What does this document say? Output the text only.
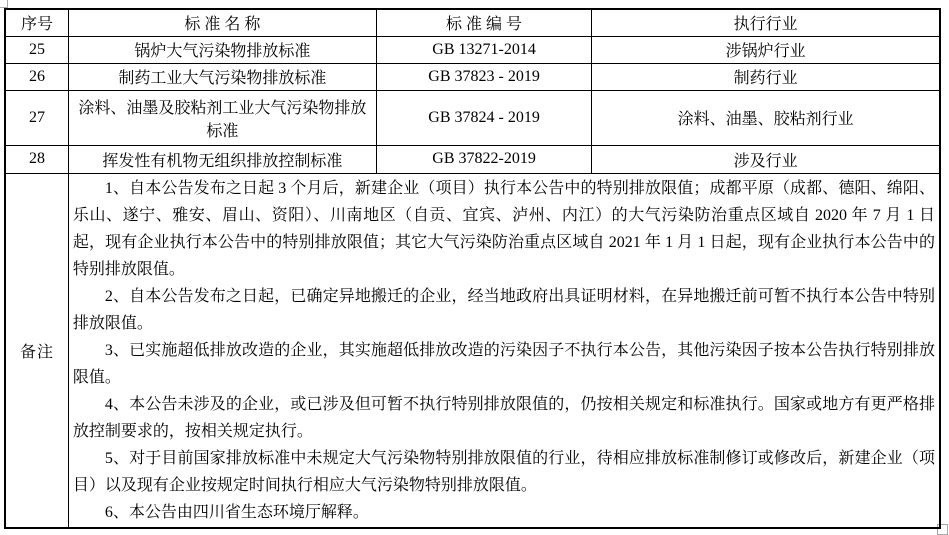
序号	标 准 名 称	标 准 编 号	执行行业
25	锅炉大气污染物排放标准	GB 13271-2014	涉锅炉行业
26	制药工业大气污染物排放标准	GB 37823 - 2019	制药行业
27	涂料、油墨及胶粘剂工业大气污染物排放标准	GB 37824 - 2019	涂料、油墨、胶粘剂行业
28	挥发性有机物无组织排放控制标准	GB 37822-2019	涉及行业
备注	

1、自本公告发布之日起 3 个月后，新建企业（项目）执行本公告中的特别排放限值；成都平原（成都、德阳、绵阳、乐山、遂宁、雅安、眉山、资阳）、川南地区（自贡、宜宾、泸州、内江）的大气污染防治重点区域自 2020 年 7 月 1 日起，现有企业执行本公告中的特别排放限值；其它大气污染防治重点区域自 2021 年 1 月 1 日起，现有企业执行本公告中的特别排放限值。

2、自本公告发布之日起，已确定异地搬迁的企业，经当地政府出具证明材料，在异地搬迁前可暂不执行本公告中特别排放限值。

3、已实施超低排放改造的企业，其实施超低排放改造的污染因子不执行本公告，其他污染因子按本公告执行特别排放限值。

4、本公告未涉及的企业，或已涉及但可暂不执行特别排放限值的，仍按相关规定和标准执行。国家或地方有更严格排放控制要求的，按相关规定执行。

5、对于目前国家排放标准中未规定大气污染物特别排放限值的行业，待相应排放标准制修订或修改后，新建企业（项目）以及现有企业按规定时间执行相应大气污染物特别排放限值。

6、本公告由四川省生态环境厅解释。
